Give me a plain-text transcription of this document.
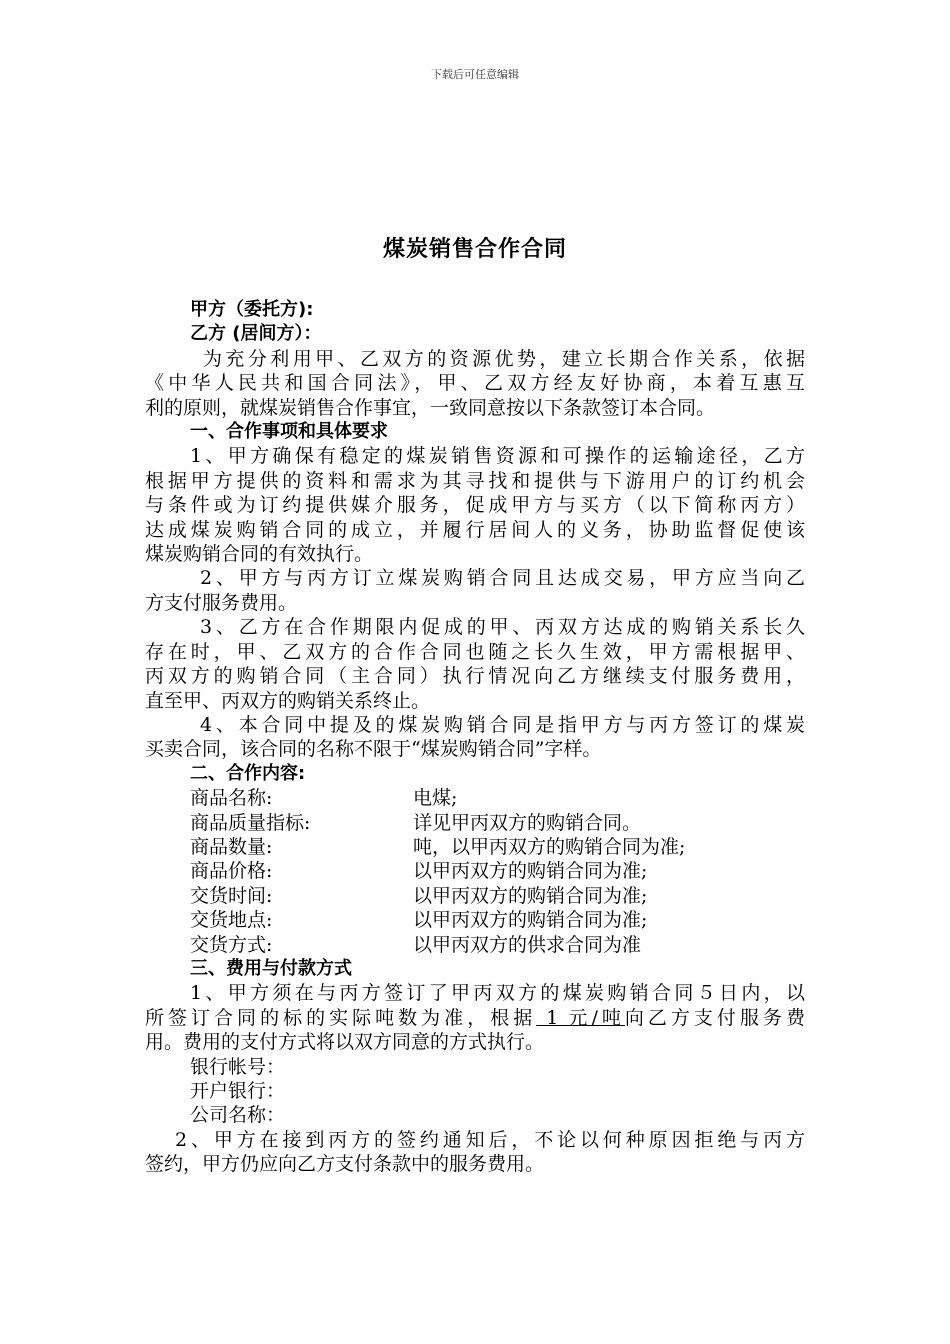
下载后可任意编辑
煤炭销售合作合同
甲方（委托方):
乙方 (居间方）：
为充分利用甲、乙双方的资源优势，建立长期合作关系，依据
《中华人民共和国合同法》，甲、乙双方经友好协商，本着互惠互
利的原则，就煤炭销售合作事宜，一致同意按以下条款签订本合同。
一、合作事项和具体要求
1、甲方确保有稳定的煤炭销售资源和可操作的运输途径，乙方
根据甲方提供的资料和需求为其寻找和提供与下游用户的订约机会
与条件或为订约提供媒介服务，促成甲方与买方（以下简称丙方）
达成煤炭购销合同的成立，并履行居间人的义务，协助监督促使该
煤炭购销合同的有效执行。
2、甲方与丙方订立煤炭购销合同且达成交易，甲方应当向乙
方支付服务费用。
3、乙方在合作期限内促成的甲、丙双方达成的购销关系长久
存在时，甲、乙双方的合作合同也随之长久生效，甲方需根据甲、
丙双方的购销合同（主合同）执行情况向乙方继续支付服务费用，
直至甲、丙双方的购销关系终止。
4、本合同中提及的煤炭购销合同是指甲方与丙方签订的煤炭
买卖合同，该合同的名称不限于“煤炭购销合同”字样。
二、合作内容:
商品名称:	电煤;
商品质量指标:	详见甲丙双方的购销合同。
商品数量:	吨，以甲丙双方的购销合同为准;
商品价格:	以甲丙双方的购销合同为准;
交货时间:	以甲丙双方的购销合同为准;
交货地点:	以甲丙双方的购销合同为准;
交货方式:	以甲丙双方的供求合同为准
三、费用与付款方式
1、甲方须在与丙方签订了甲丙双方的煤炭购销合同５日内，以
所签订合同的标的实际吨数为准，根据 1 元/吨向乙方支付服务费
用。费用的支付方式将以双方同意的方式执行。
银行帐号：
开户银行：
公司名称：
2、甲方在接到丙方的签约通知后，不论以何种原因拒绝与丙方
签约，甲方仍应向乙方支付条款中的服务费用。
